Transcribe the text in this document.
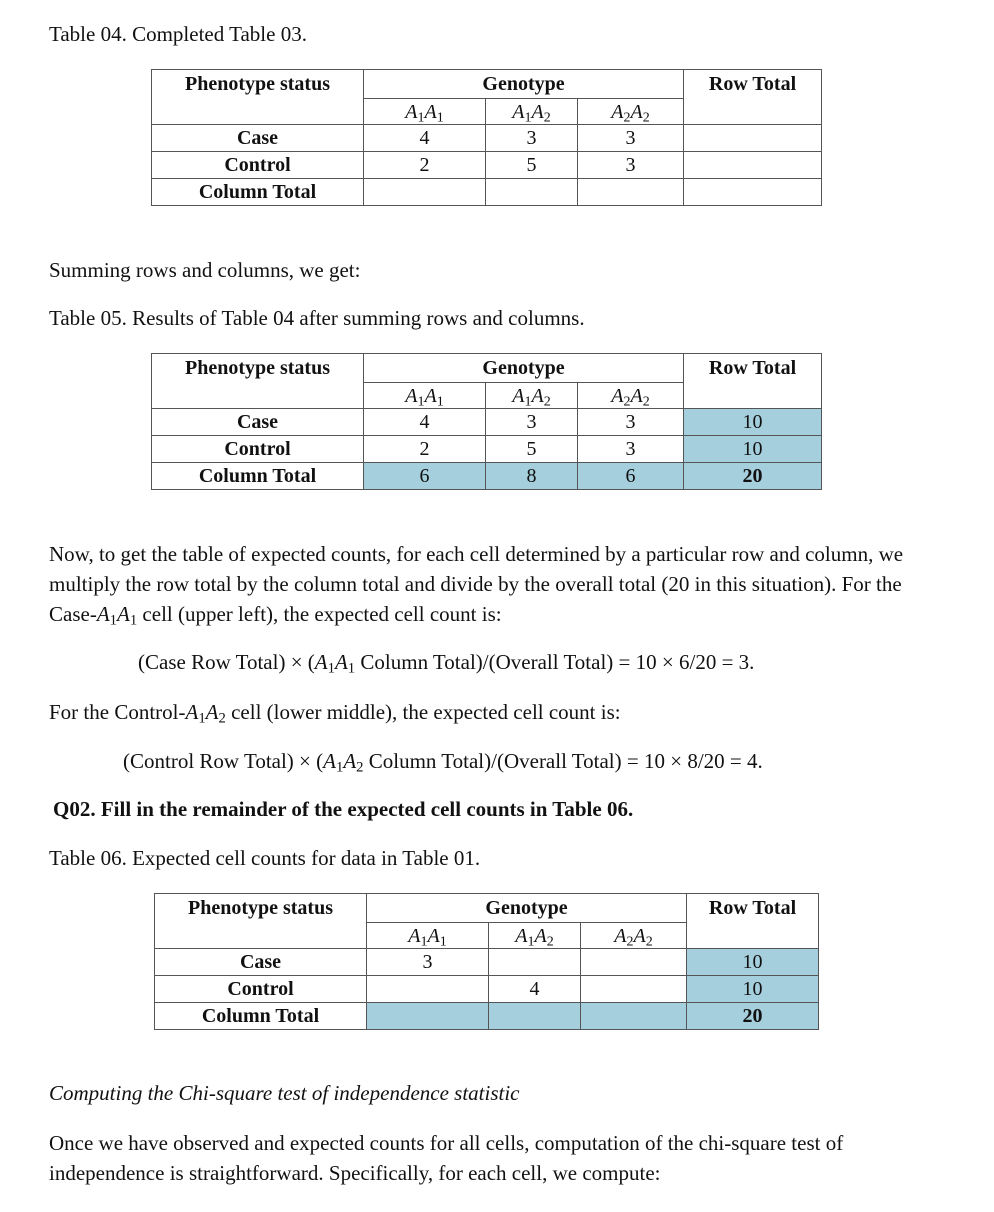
Table 04. Completed Table 03.
Phenotype status	Genotype			Row Total
	$A_1A_1$	$A_1A_2$	$A_2A_2$	
Case	4	3	3	
Control	2	5	3	
Column Total				
Summing rows and columns, we get:
Table 05. Results of Table 04 after summing rows and columns.
Phenotype status	Genotype			Row Total
	$A_1A_1$	$A_1A_2$	$A_2A_2$	
Case	4	3	3	10
Control	2	5	3	10
Column Total	6	8	6	20
Now, to get the table of expected counts, for each cell determined by a particular row and column, we multiply the row total by the column total and divide by the overall total (20 in this situation). For the Case-$A_1A_1$ cell (upper left), the expected cell count is:
(Case Row Total) × ($A_1A_1$ Column Total)/(Overall Total) = 10 × 6/20 = 3.
For the Control-$A_1A_2$ cell (lower middle), the expected cell count is:
(Control Row Total) × ($A_1A_2$ Column Total)/(Overall Total) = 10 × 8/20 = 4.
Q02. Fill in the remainder of the expected cell counts in Table 06.
Table 06. Expected cell counts for data in Table 01.
Phenotype status	Genotype			Row Total
	$A_1A_1$	$A_1A_2$	$A_2A_2$	
Case	3			10
Control		4		10
Column Total				20
Computing the Chi-square test of independence statistic
Once we have observed and expected counts for all cells, computation of the chi-square test of independence is straightforward. Specifically, for each cell, we compute:
